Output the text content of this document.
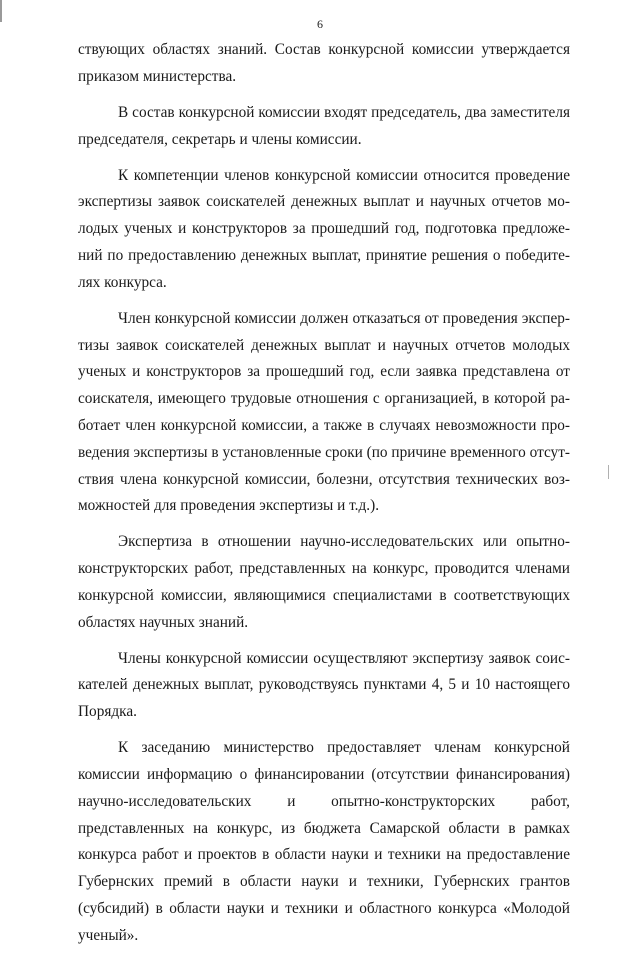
6

ствующих областях знаний. Состав конкурсной комиссии утверждается приказом министерства.

В состав конкурсной комиссии входят председатель, два заместителя председателя, секретарь и члены комиссии.

К компетенции членов конкурсной комиссии относится проведение экспертизы заявок соискателей денежных выплат и научных отчетов молодых ученых и конструкторов за прошедший год, подготовка предложений по предоставлению денежных выплат, принятие решения о победителях конкурса.

Член конкурсной комиссии должен отказаться от проведения экспертизы заявок соискателей денежных выплат и научных отчетов молодых ученых и конструкторов за прошедший год, если заявка представлена от соискателя, имеющего трудовые отношения с организацией, в которой работает член конкурсной комиссии, а также в случаях невозможности проведения экспертизы в установленные сроки (по причине временного отсутствия члена конкурсной комиссии, болезни, отсутствия технических возможностей для проведения экспертизы и т.д.).

Экспертиза в отношении научно-исследовательских или опытно-конструкторских работ, представленных на конкурс, проводится членами конкурсной комиссии, являющимися специалистами в соответствующих областях научных знаний.

Члены конкурсной комиссии осуществляют экспертизу заявок соискателей денежных выплат, руководствуясь пунктами 4, 5 и 10 настоящего Порядка.

К заседанию министерство предоставляет членам конкурсной комиссии информацию о финансировании (отсутствии финансирования) научно-исследовательских и опытно-конструкторских работ, представленных на конкурс, из бюджета Самарской области в рамках конкурса работ и проектов в области науки и техники на предоставление Губернских премий в области науки и техники, Губернских грантов (субсидий) в области науки и техники и областного конкурса «Молодой ученый».
